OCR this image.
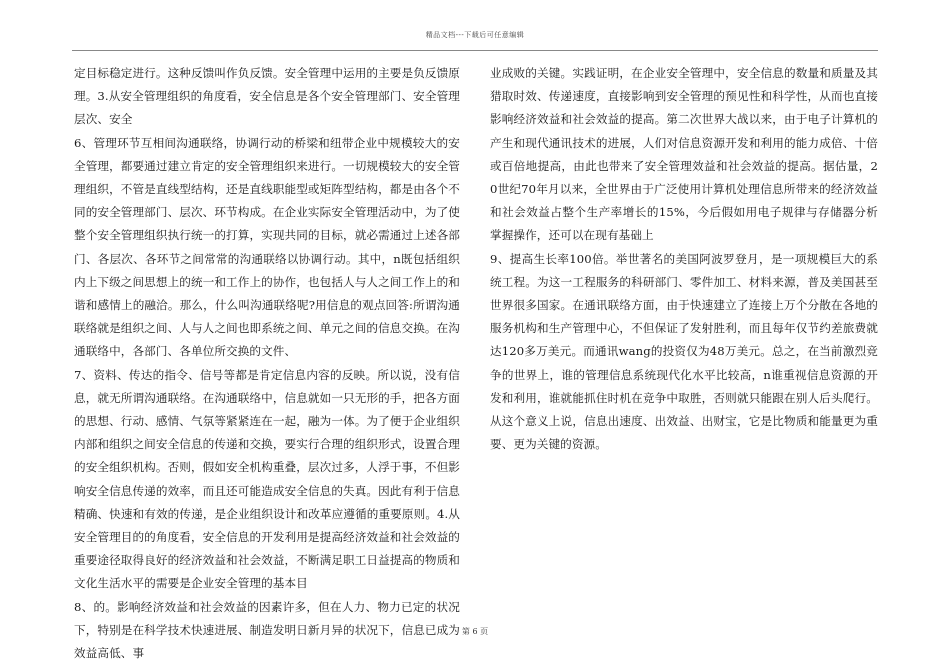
精品文档---下载后可任意编辑

定目标稳定进行。这种反馈叫作负反馈。安全管理中运用的主要是负反馈原理。3.从安全管理组织的角度看，安全信息是各个安全管理部门、安全管理层次、安全

6、管理环节互相间沟通联络，协调行动的桥梁和纽带企业中规模较大的安全管理，都要通过建立肯定的安全管理组织来进行。一切规模较大的安全管理组织，不管是直线型结构，还是直线职能型或矩阵型结构，都是由各个不同的安全管理部门、层次、环节构成。在企业实际安全管理活动中，为了使整个安全管理组织执行统一的打算，实现共同的目标，就必需通过上述各部门、各层次、各环节之间常常的沟通联络以协调行动。其中，n既包括组织内上下级之间思想上的统一和工作上的协作，也包括人与人之间工作上的和谐和感情上的融洽。那么，什么叫沟通联络呢?用信息的观点回答:所谓沟通联络就是组织之间、人与人之间也即系统之间、单元之间的信息交换。在沟通联络中，各部门、各单位所交换的文件、

7、资料、传达的指令、信号等都是肯定信息内容的反映。所以说，没有信息，就无所谓沟通联络。在沟通联络中，信息就如一只无形的手，把各方面的思想、行动、感情、气氛等紧紧连在一起，融为一体。为了便于企业组织内部和组织之间安全信息的传递和交换，要实行合理的组织形式，设置合理的安全组织机构。否则，假如安全机构重叠，层次过多，人浮于事，不但影响安全信息传递的效率，而且还可能造成安全信息的失真。因此有利于信息精确、快速和有效的传递，是企业组织设计和改革应遵循的重要原则。4.从安全管理目的的角度看，安全信息的开发利用是提高经济效益和社会效益的重要途径取得良好的经济效益和社会效益，不断满足职工日益提高的物质和文化生活水平的需要是企业安全管理的基本目

8、的。影响经济效益和社会效益的因素许多，但在人力、物力已定的状况下，特别是在科学技术快速进展、制造发明日新月异的状况下，信息已成为效益高低、事

业成败的关键。实践证明，在企业安全管理中，安全信息的数量和质量及其猎取时效、传递速度，直接影响到安全管理的预见性和科学性，从而也直接影响经济效益和社会效益的提高。第二次世界大战以来，由于电子计算机的产生和现代通讯技术的进展，人们对信息资源开发和利用的能力成倍、十倍或百倍地提高，由此也带来了安全管理效益和社会效益的提高。据估量，20世纪70年月以来，全世界由于广泛使用计算机处理信息所带来的经济效益和社会效益占整个生产率增长的15%，今后假如用电子规律与存储器分析掌握操作，还可以在现有基础上

9、提高生长率100倍。举世著名的美国阿波罗登月，是一项规模巨大的系统工程。为这一工程服务的科研部门、零件加工、材料来源，普及美国甚至世界很多国家。在通讯联络方面，由于快速建立了连接上万个分散在各地的服务机构和生产管理中心，不但保证了发射胜利，而且每年仅节约差旅费就达120多万美元。而通讯wang的投资仅为48万美元。总之，在当前激烈竞争的世界上，谁的管理信息系统现代化水平比较高，n谁重视信息资源的开发和利用，谁就能抓住时机在竞争中取胜，否则就只能跟在别人后头爬行。从这个意义上说，信息出速度、出效益、出财宝，它是比物质和能量更为重要、更为关键的资源。

第 6 页
